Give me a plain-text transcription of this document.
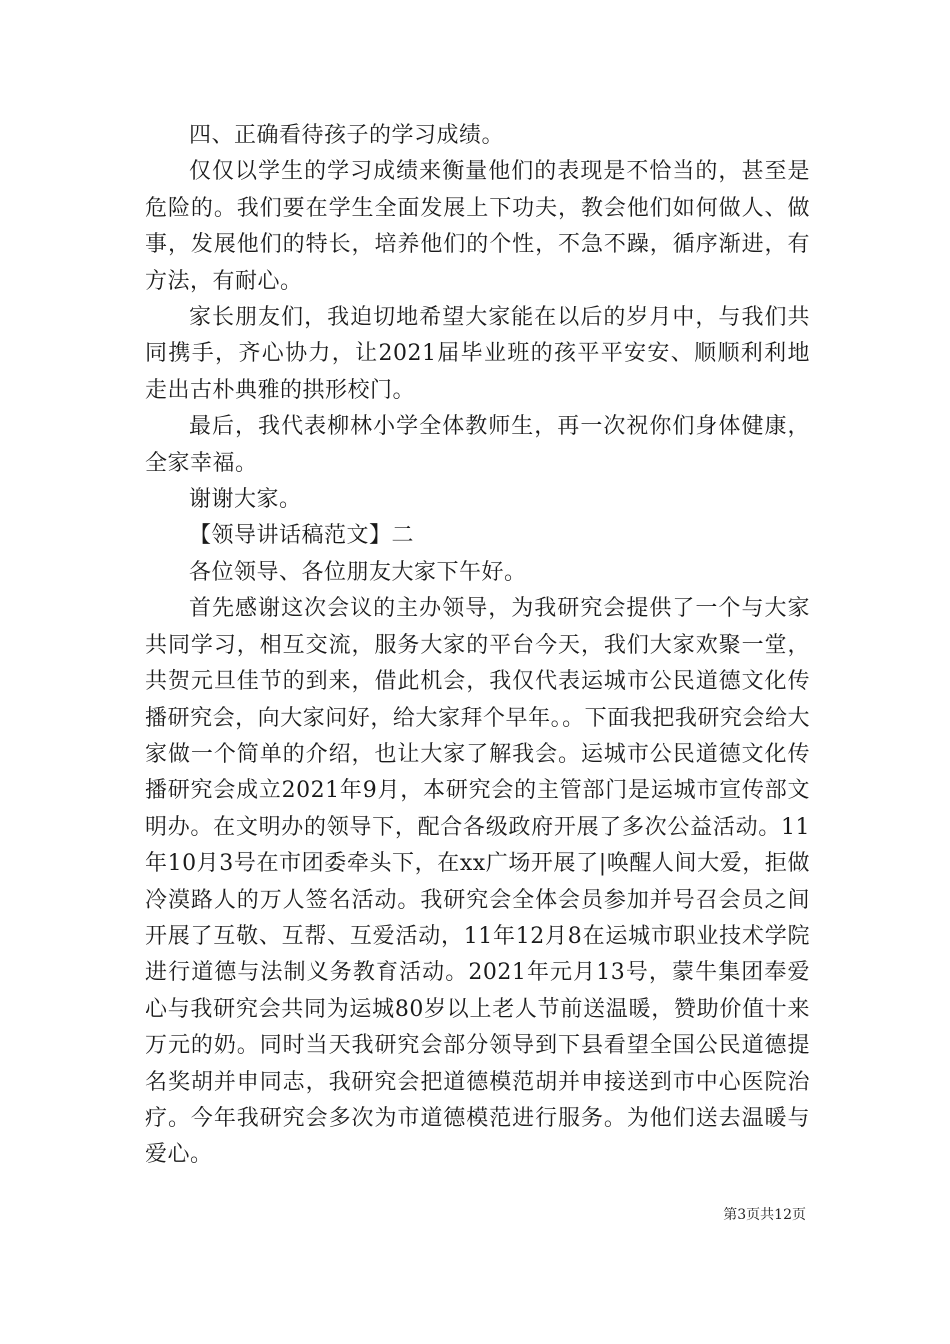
四、正确看待孩子的学习成绩。

仅仅以学生的学习成绩来衡量他们的表现是不恰当的，甚至是危险的。我们要在学生全面发展上下功夫，教会他们如何做人、做事，发展他们的特长，培养他们的个性，不急不躁，循序渐进，有方法，有耐心。

家长朋友们，我迫切地希望大家能在以后的岁月中，与我们共同携手，齐心协力，让2021届毕业班的孩平平安安、顺顺利利地走出古朴典雅的拱形校门。

最后，我代表柳林小学全体教师生，再一次祝你们身体健康，全家幸福。

谢谢大家。

【领导讲话稿范文】二

各位领导、各位朋友大家下午好。

首先感谢这次会议的主办领导，为我研究会提供了一个与大家共同学习，相互交流，服务大家的平台今天，我们大家欢聚一堂，共贺元旦佳节的到来，借此机会，我仅代表运城市公民道德文化传播研究会，向大家问好，给大家拜个早年。。下面我把我研究会给大家做一个简单的介绍，也让大家了解我会。运城市公民道德文化传播研究会成立2021年9月，本研究会的主管部门是运城市宣传部文明办。在文明办的领导下，配合各级政府开展了多次公益活动。11年10月3号在市团委牵头下，在xx广场开展了|唤醒人间大爱，拒做冷漠路人的万人签名活动。我研究会全体会员参加并号召会员之间开展了互敬、互帮、互爱活动，11年12月8在运城市职业技术学院进行道德与法制义务教育活动。2021年元月13号，蒙牛集团奉爱心与我研究会共同为运城80岁以上老人节前送温暖，赞助价值十来万元的奶。同时当天我研究会部分领导到下县看望全国公民道德提名奖胡并申同志，我研究会把道德模范胡并申接送到市中心医院治疗。今年我研究会多次为市道德模范进行服务。为他们送去温暖与爱心。

第3页共12页
